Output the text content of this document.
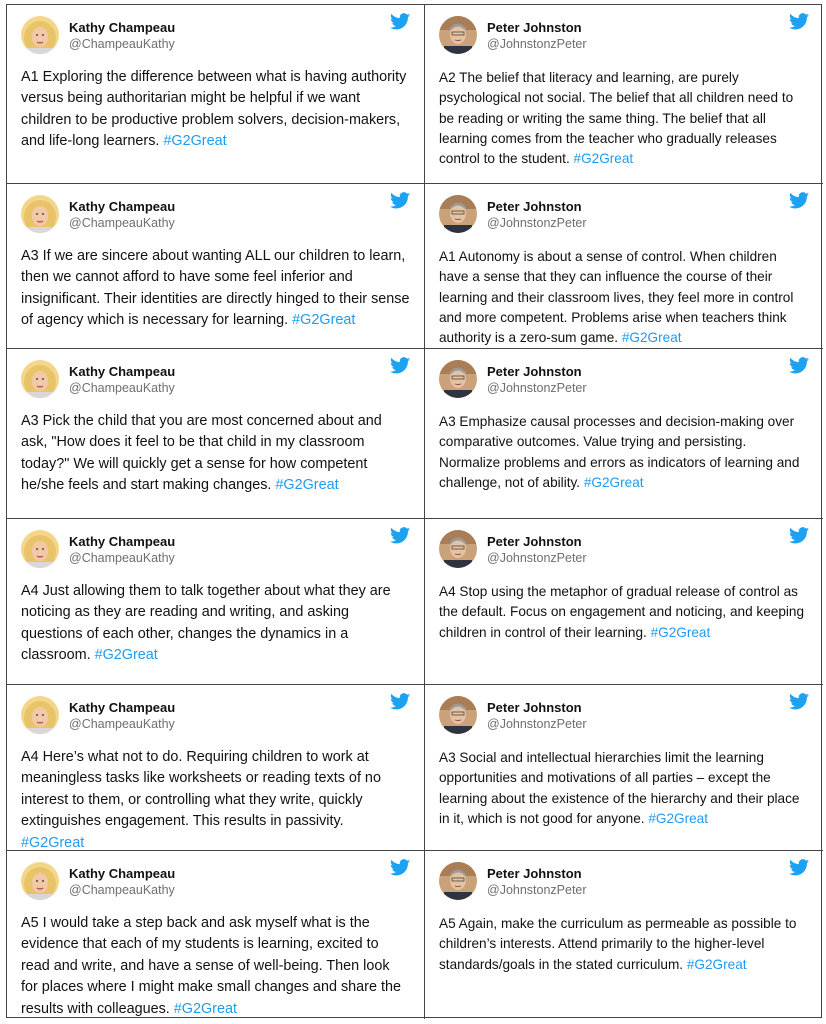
Kathy Champeau
@ChampeauKathy

A1 Exploring the difference between what is having authority versus being authoritarian might be helpful if we want children to be productive problem solvers, decision-makers, and life-long learners. #G2Great

Peter Johnston
@JohnstonzPeter

A2 The belief that literacy and learning, are purely psychological not social. The belief that all children need to be reading or writing the same thing. The belief that all learning comes from the teacher who gradually releases control to the student. #G2Great

Kathy Champeau
@ChampeauKathy

A3 If we are sincere about wanting ALL our children to learn, then we cannot afford to have some feel inferior and insignificant. Their identities are directly hinged to their sense of agency which is necessary for learning. #G2Great

Peter Johnston
@JohnstonzPeter

A1 Autonomy is about a sense of control. When children have a sense that they can influence the course of their learning and their classroom lives, they feel more in control and more competent. Problems arise when teachers think authority is a zero-sum game. #G2Great

Kathy Champeau
@ChampeauKathy

A3 Pick the child that you are most concerned about and ask, "How does it feel to be that child in my classroom today?" We will quickly get a sense for how competent he/she feels and start making changes. #G2Great

Peter Johnston
@JohnstonzPeter

A3 Emphasize causal processes and decision-making over comparative outcomes. Value trying and persisting. Normalize problems and errors as indicators of learning and challenge, not of ability. #G2Great

Kathy Champeau
@ChampeauKathy

A4 Just allowing them to talk together about what they are noticing as they are reading and writing, and asking questions of each other, changes the dynamics in a classroom. #G2Great

Peter Johnston
@JohnstonzPeter

A4 Stop using the metaphor of gradual release of control as the default. Focus on engagement and noticing, and keeping children in control of their learning. #G2Great

Kathy Champeau
@ChampeauKathy

A4 Here’s what not to do. Requiring children to work at meaningless tasks like worksheets or reading texts of no interest to them, or controlling what they write, quickly extinguishes engagement. This results in passivity. #G2Great

Peter Johnston
@JohnstonzPeter

A3 Social and intellectual hierarchies limit the learning opportunities and motivations of all parties – except the learning about the existence of the hierarchy and their place in it, which is not good for anyone. #G2Great

Kathy Champeau
@ChampeauKathy

A5 I would take a step back and ask myself what is the evidence that each of my students is learning, excited to read and write, and have a sense of well-being. Then look for places where I might make small changes and share the results with colleagues. #G2Great

Peter Johnston
@JohnstonzPeter

A5 Again, make the curriculum as permeable as possible to children’s interests. Attend primarily to the higher-level standards/goals in the stated curriculum. #G2Great
